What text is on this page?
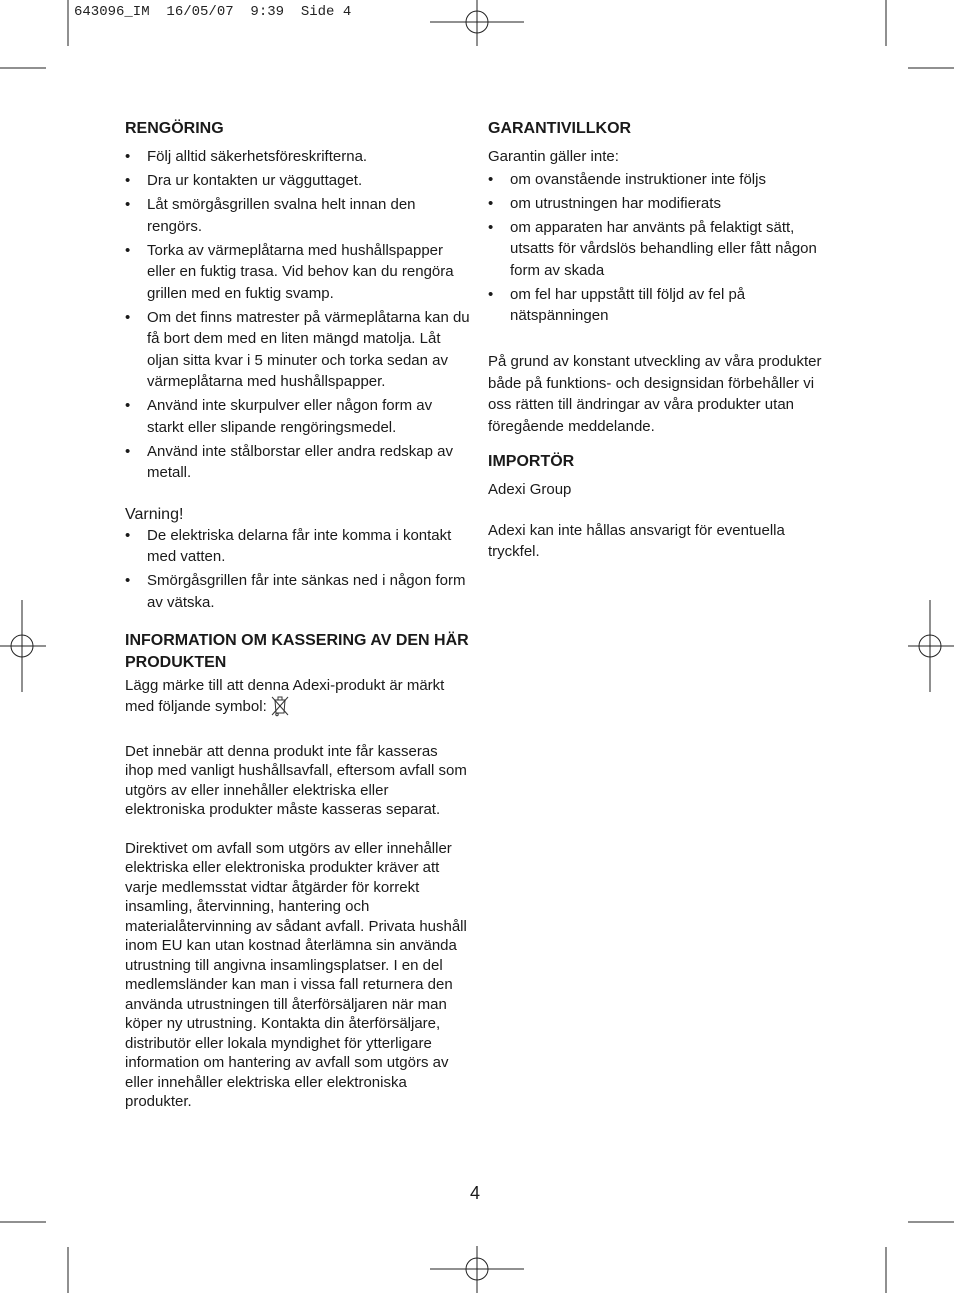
643096_IM  16/05/07  9:39  Side 4
RENGÖRING
• Följ alltid säkerhetsföreskrifterna.
• Dra ur kontakten ur vägguttaget.
• Låt smörgåsgrillen svalna helt innan den rengörs.
• Torka av värmeplåtarna med hushållspapper eller en fuktig trasa. Vid behov kan du rengöra grillen med en fuktig svamp.
• Om det finns matrester på värmeplåtarna kan du få bort dem med en liten mängd matolja. Låt oljan sitta kvar i 5 minuter och torka sedan av värmeplåtarna med hushållspapper.
• Använd inte skurpulver eller någon form av starkt eller slipande rengöringsmedel.
• Använd inte stålborstar eller andra redskap av metall.

Varning!

• De elektriska delarna får inte komma i kontakt med vatten.
• Smörgåsgrillen får inte sänkas ned i någon form av vätska.
INFORMATION OM KASSERING AV DEN HÄR PRODUKTEN

Lägg märke till att denna Adexi-produkt är märkt med följande symbol:

Det innebär att denna produkt inte får kasseras ihop med vanligt hushållsavfall, eftersom avfall som utgörs av eller innehåller elektriska eller elektroniska produkter måste kasseras separat.

Direktivet om avfall som utgörs av eller innehåller elektriska eller elektroniska produkter kräver att varje medlemsstat vidtar åtgärder för korrekt insamling, återvinning, hantering och materialåtervinning av sådant avfall. Privata hushåll inom EU kan utan kostnad återlämna sin använda utrustning till angivna insamlingsplatser. I en del medlemsländer kan man i vissa fall returnera den använda utrustningen till återförsäljaren när man köper ny utrustning. Kontakta din återförsäljare, distributör eller lokala myndighet för ytterligare information om hantering av avfall som utgörs av eller innehåller elektriska eller elektroniska produkter.

GARANTIVILLKOR

Garantin gäller inte:

• om ovanstående instruktioner inte följs
• om utrustningen har modifierats
• om apparaten har använts på felaktigt sätt, utsatts för vårdslös behandling eller fått någon form av skada
• om fel har uppstått till följd av fel på nätspänningen

På grund av konstant utveckling av våra produkter både på funktions- och designsidan förbehåller vi oss rätten till ändringar av våra produkter utan föregående meddelande.

IMPORTÖR

Adexi Group

Adexi kan inte hållas ansvarigt för eventuella tryckfel.

4
